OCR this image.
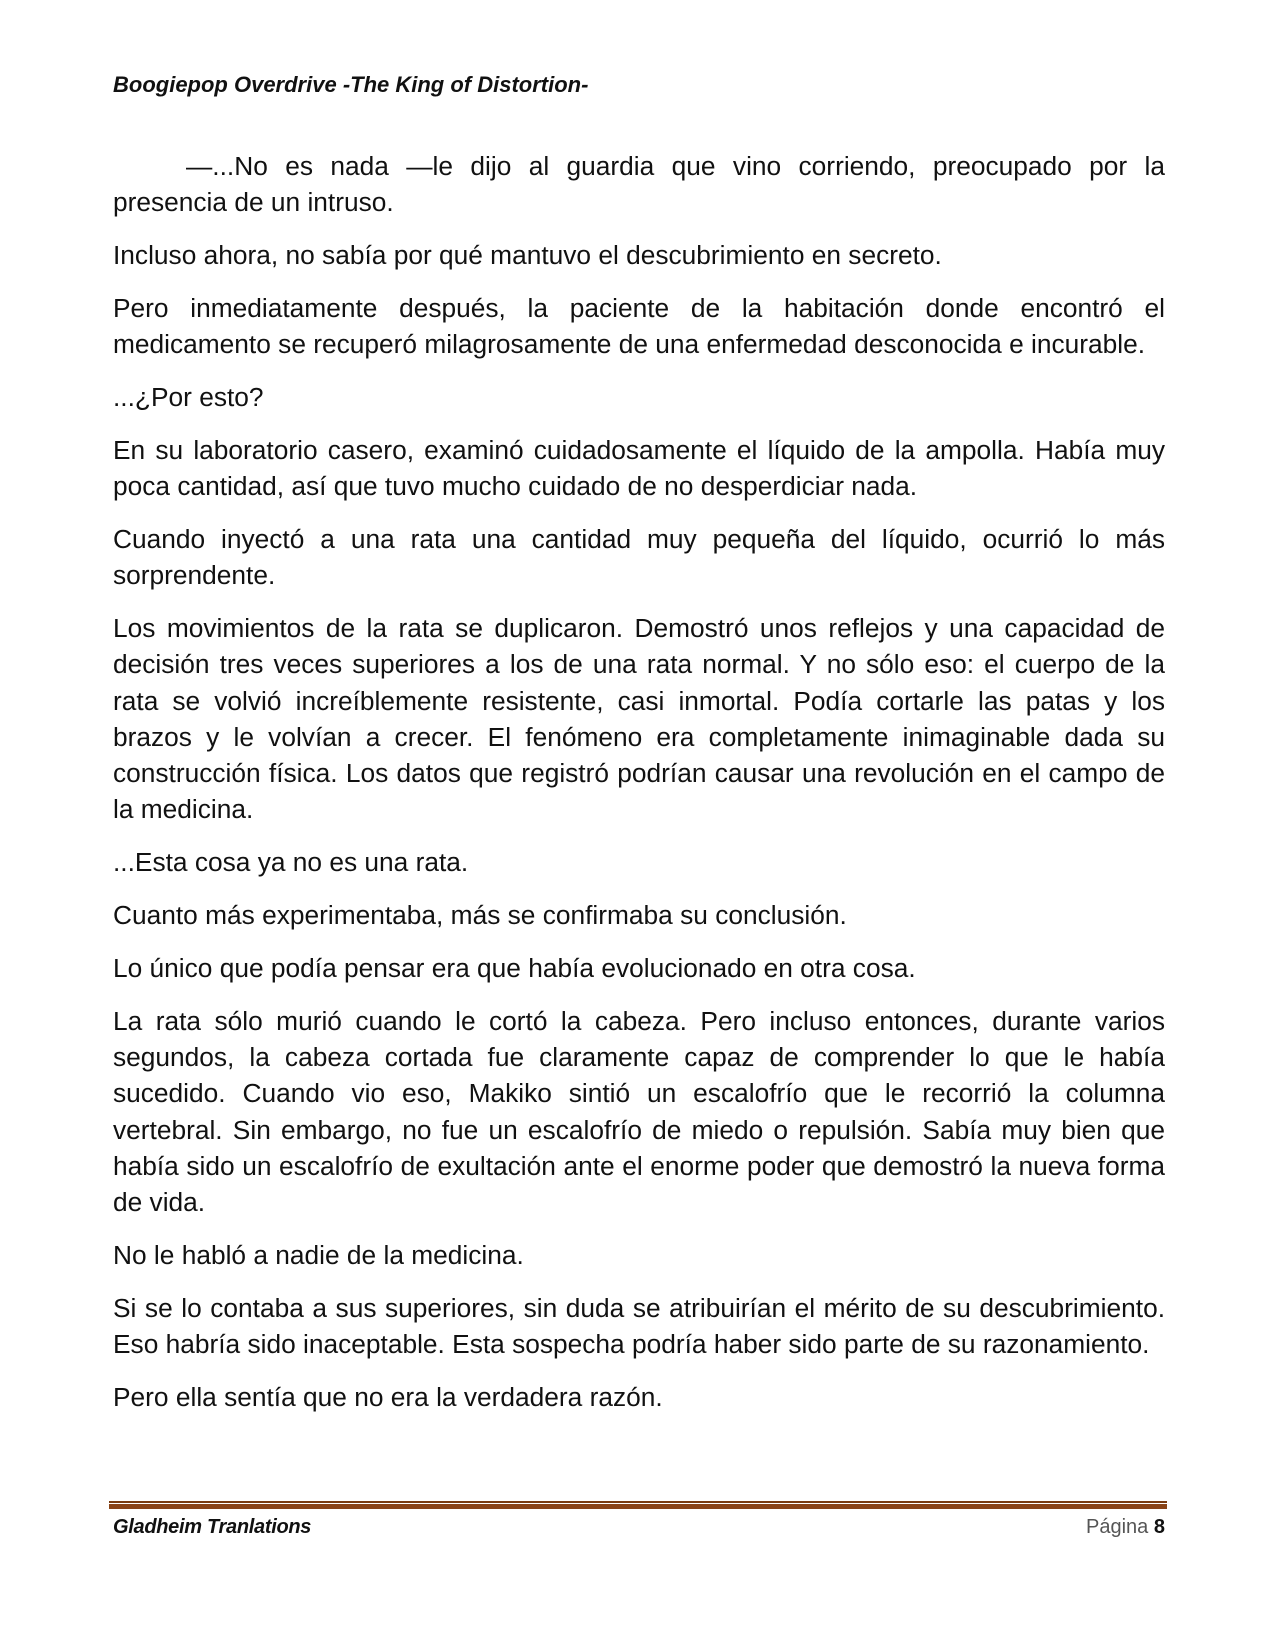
Boogiepop Overdrive -The King of Distortion-

—...No es nada —le dijo al guardia que vino corriendo, preocupado por la presencia de un intruso.

Incluso ahora, no sabía por qué mantuvo el descubrimiento en secreto.

Pero inmediatamente después, la paciente de la habitación donde encontró el medicamento se recuperó milagrosamente de una enfermedad desconocida e incurable.

...¿Por esto?

En su laboratorio casero, examinó cuidadosamente el líquido de la ampolla. Había muy poca cantidad, así que tuvo mucho cuidado de no desperdiciar nada.

Cuando inyectó a una rata una cantidad muy pequeña del líquido, ocurrió lo más sorprendente.

Los movimientos de la rata se duplicaron. Demostró unos reflejos y una capacidad de decisión tres veces superiores a los de una rata normal. Y no sólo eso: el cuerpo de la rata se volvió increíblemente resistente, casi inmortal. Podía cortarle las patas y los brazos y le volvían a crecer. El fenómeno era completamente inimaginable dada su construcción física. Los datos que registró podrían causar una revolución en el campo de la medicina.

...Esta cosa ya no es una rata.

Cuanto más experimentaba, más se confirmaba su conclusión.

Lo único que podía pensar era que había evolucionado en otra cosa.

La rata sólo murió cuando le cortó la cabeza. Pero incluso entonces, durante varios segundos, la cabeza cortada fue claramente capaz de comprender lo que le había sucedido. Cuando vio eso, Makiko sintió un escalofrío que le recorrió la columna vertebral. Sin embargo, no fue un escalofrío de miedo o repulsión. Sabía muy bien que había sido un escalofrío de exultación ante el enorme poder que demostró la nueva forma de vida.

No le habló a nadie de la medicina.

Si se lo contaba a sus superiores, sin duda se atribuirían el mérito de su descubrimiento. Eso habría sido inaceptable. Esta sospecha podría haber sido parte de su razonamiento.

Pero ella sentía que no era la verdadera razón.

Gladheim Tranlations	Página 8
